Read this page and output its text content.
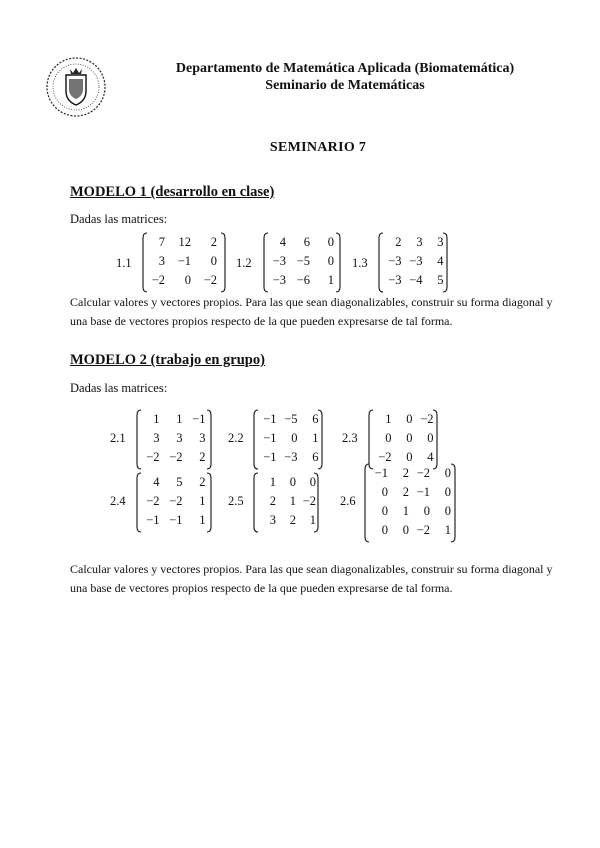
Departamento de Matemática Aplicada (Biomatemática)
Seminario de Matemáticas
SEMINARIO 7
MODELO 1 (desarrollo en clase)
Dadas las matrices:
1.1
7	12	2
3	−1	0
−2	0	−2
1.2
4	6	0
−3 −5	0
−3 −6	1
1.3
2	3	3
−3 −3	4
−3 −4	5
Calcular valores y vectores propios. Para las que sean diagonalizables, construir su forma diagonal y una base de vectores propios respecto de la que pueden expresarse de tal forma.
MODELO 2 (trabajo en grupo)
Dadas las matrices:
2.1
1	1 −1
3	3	3
−2 −2	2
2.2
−1 −5	6
−1	0	1
−1 −3	6
2.3
1	0 −2
0	0	0
−2	0	4
2.4
4	5	2
−2 −2	1
−1 −1	1
2.5
1	0	0
2	1 −2
3	2	1
2.6
−1	2 −2	0
0	2 −1	0
0	1	0	0
0	0 −2	1
Calcular valores y vectores propios. Para las que sean diagonalizables, construir su forma diagonal y una base de vectores propios respecto de la que pueden expresarse de tal forma.
